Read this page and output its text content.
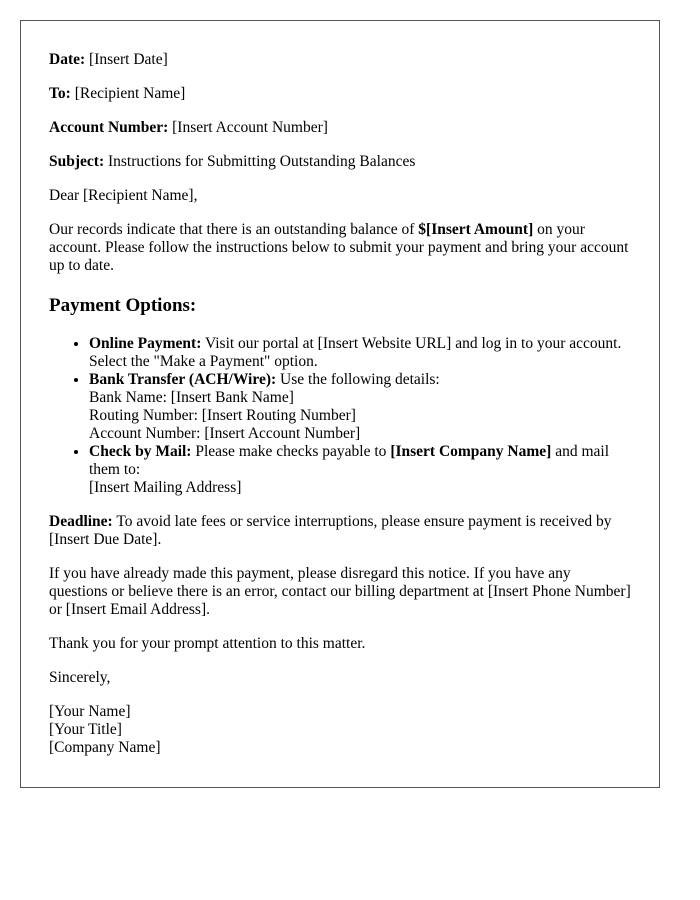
Date: [Insert Date]

To: [Recipient Name]

Account Number: [Insert Account Number]

Subject: Instructions for Submitting Outstanding Balances

Dear [Recipient Name],

Our records indicate that there is an outstanding balance of $[Insert Amount] on your account. Please follow the instructions below to submit your payment and bring your account up to date.

Payment Options:
• Online Payment: Visit our portal at [Insert Website URL] and log in to your account. Select the "Make a Payment" option.
• Bank Transfer (ACH/Wire): Use the following details:
Bank Name: [Insert Bank Name]
Routing Number: [Insert Routing Number]
Account Number: [Insert Account Number]
• Check by Mail: Please make checks payable to [Insert Company Name] and mail them to:
[Insert Mailing Address]

Deadline: To avoid late fees or service interruptions, please ensure payment is received by [Insert Due Date].

If you have already made this payment, please disregard this notice. If you have any questions or believe there is an error, contact our billing department at [Insert Phone Number] or [Insert Email Address].

Thank you for your prompt attention to this matter.

Sincerely,

[Your Name]
[Your Title]
[Company Name]
